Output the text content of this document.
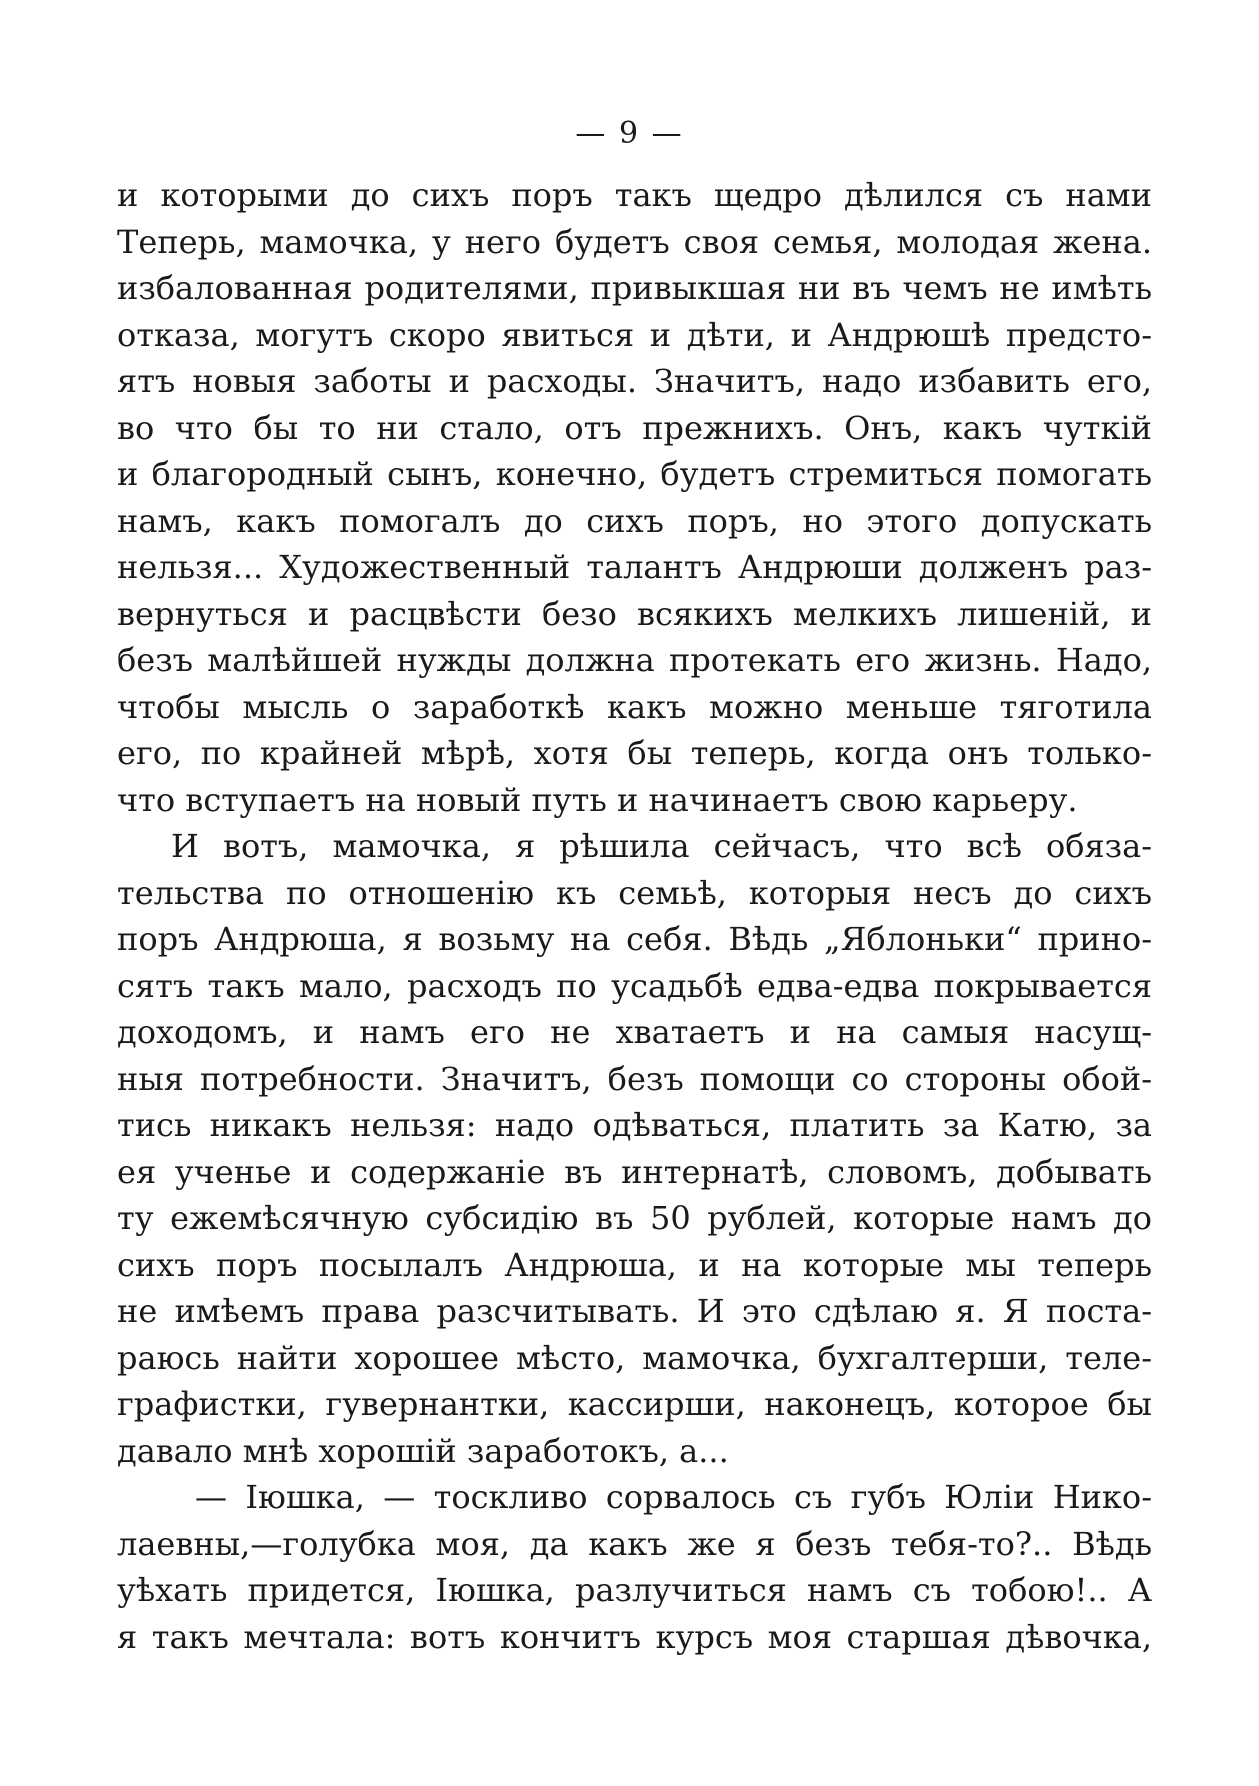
— 9 —
и которыми до сихъ поръ такъ щедро дѣлился съ нами
Теперь, мамочка, у него будетъ своя семья, молодая жена.
избалованная родителями, привыкшая ни въ чемъ не имѣть
отказа, могутъ скоро явиться и дѣти, и Андрюшѣ предсто-
ятъ новыя заботы и расходы. Значитъ, надо избавить его,
во что бы то ни стало, отъ прежнихъ. Онъ, какъ чуткій
и благородный сынъ, конечно, будетъ стремиться помогать
намъ, какъ помогалъ до сихъ поръ, но этого допускать
нельзя... Художественный талантъ Андрюши долженъ раз-
вернуться и расцвѣсти безо всякихъ мелкихъ лишеній, и
безъ малѣйшей нужды должна протекать его жизнь. Надо,
чтобы мысль о заработкѣ какъ можно меньше тяготила
его, по крайней мѣрѣ, хотя бы теперь, когда онъ только-
что вступаетъ на новый путь и начинаетъ свою карьеру.
И вотъ, мамочка, я рѣшила сейчасъ, что всѣ обяза-
тельства по отношенію къ семьѣ, которыя несъ до сихъ
поръ Андрюша, я возьму на себя. Вѣдь „Яблоньки“ прино-
сятъ такъ мало, расходъ по усадьбѣ едва-едва покрывается
доходомъ, и намъ его не хватаетъ и на самыя насущ-
ныя потребности. Значитъ, безъ помощи со стороны обой-
тись никакъ нельзя: надо одѣваться, платить за Катю, за
ея ученье и содержаніе въ интернатѣ, словомъ, добывать
ту ежемѣсячную субсидію въ 50 рублей, которые намъ до
сихъ поръ посылалъ Андрюша, и на которые мы теперь
не имѣемъ права разсчитывать. И это сдѣлаю я. Я поста-
раюсь найти хорошее мѣсто, мамочка, бухгалтерши, теле-
графистки, гувернантки, кассирши, наконецъ, которое бы
давало мнѣ хорошій заработокъ, а...
— Іюшка, — тоскливо сорвалось съ губъ Юліи Нико-
лаевны,—голубка моя, да какъ же я безъ тебя-то?.. Вѣдь
уѣхать придется, Іюшка, разлучиться намъ съ тобою!.. А
я такъ мечтала: вотъ кончитъ курсъ моя старшая дѣвочка,
